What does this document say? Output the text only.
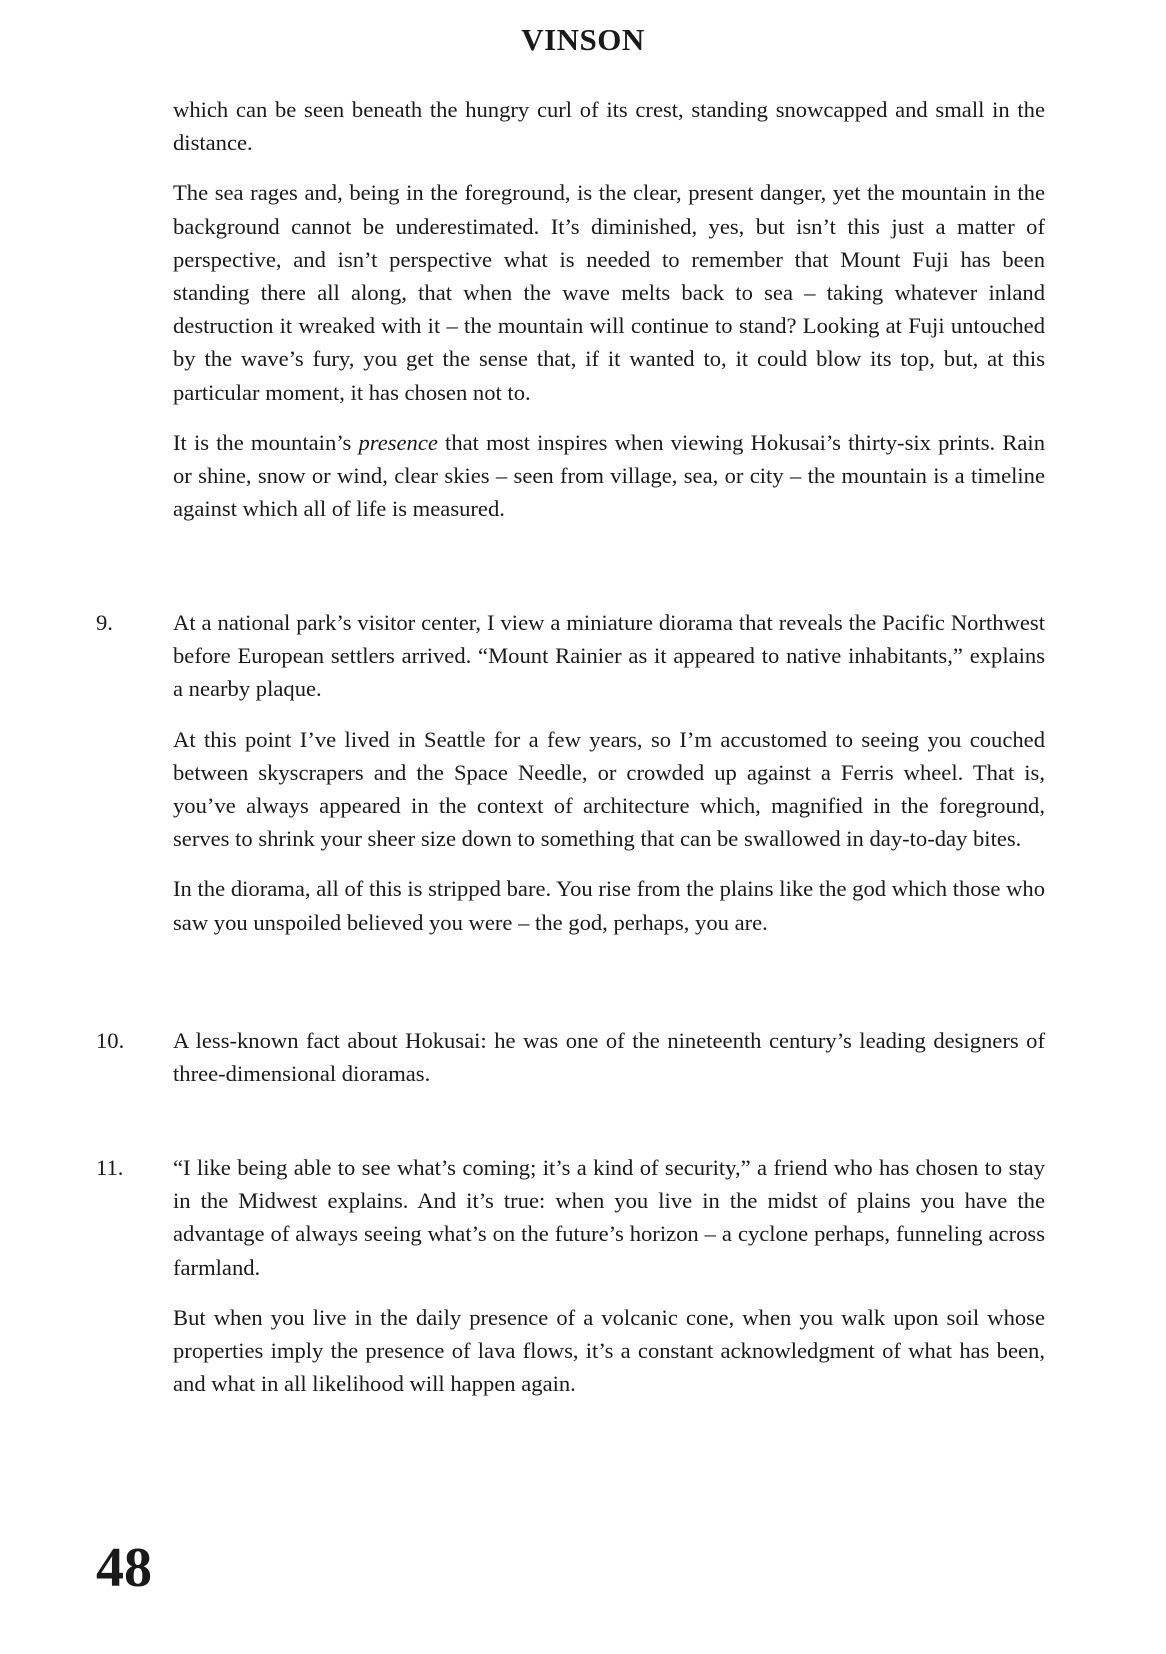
VINSON

which can be seen beneath the hungry curl of its crest, standing snowcapped and small in the distance.

The sea rages and, being in the foreground, is the clear, present danger, yet the mountain in the background cannot be underestimated. It’s diminished, yes, but isn’t this just a matter of perspective, and isn’t perspective what is needed to remember that Mount Fuji has been standing there all along, that when the wave melts back to sea – taking whatever inland destruction it wreaked with it – the mountain will continue to stand? Looking at Fuji untouched by the wave’s fury, you get the sense that, if it wanted to, it could blow its top, but, at this particular moment, it has chosen not to.

It is the mountain’s presence that most inspires when viewing Hokusai’s thirty-six prints. Rain or shine, snow or wind, clear skies – seen from village, sea, or city – the mountain is a timeline against which all of life is measured.

9.	At a national park’s visitor center, I view a miniature diorama that reveals the Pacific Northwest before European settlers arrived. “Mount Rainier as it appeared to native inhabitants,” explains a nearby plaque.

At this point I’ve lived in Seattle for a few years, so I’m accustomed to seeing you couched between skyscrapers and the Space Needle, or crowded up against a Ferris wheel. That is, you’ve always appeared in the context of architecture which, magnified in the foreground, serves to shrink your sheer size down to something that can be swallowed in day-to-day bites.

In the diorama, all of this is stripped bare. You rise from the plains like the god which those who saw you unspoiled believed you were – the god, perhaps, you are.

10. A less-known fact about Hokusai: he was one of the nineteenth century’s leading designers of three-dimensional dioramas.

11. “I like being able to see what’s coming; it’s a kind of security,” a friend who has chosen to stay in the Midwest explains. And it’s true: when you live in the midst of plains you have the advantage of always seeing what’s on the future’s horizon – a cyclone perhaps, funneling across farmland.

But when you live in the daily presence of a volcanic cone, when you walk upon soil whose properties imply the presence of lava flows, it’s a constant acknowledgment of what has been, and what in all likelihood will happen again.

48
